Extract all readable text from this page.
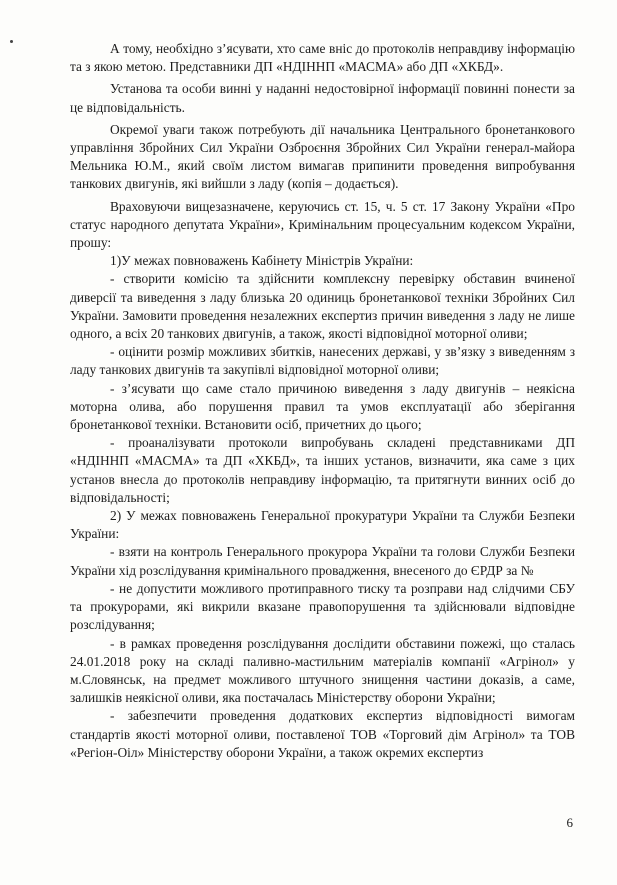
А тому, необхідно зʼясувати, хто саме вніс до протоколів неправдиву інформацію та з якою метою. Представники ДП «НДІННП «МАСМА» або ДП «ХКБД».

Установа та особи винні у наданні недостовірної інформації повинні понести за це відповідальність.

Окремої уваги також потребують дії начальника Центрального бронетанкового управління Збройних Сил України Озброєння Збройних Сил України генерал-майора Мельника Ю.М., який своїм листом вимагав припинити проведення випробування танкових двигунів, які вийшли з ладу (копія – додається).

Враховуючи вищезазначене, керуючись ст. 15, ч. 5 ст. 17 Закону України «Про статус народного депутата України», Кримінальним процесуальним кодексом України, прошу:

1)У межах повноважень Кабінету Міністрів України:

- створити комісію та здійснити комплексну перевірку обставин вчиненої диверсії та виведення з ладу близька 20 одиниць бронетанкової техніки Збройних Сил України. Замовити проведення незалежних експертиз причин виведення з ладу не лише одного, а всіх 20 танкових двигунів, а також, якості відповідної моторної оливи;

- оцінити розмір можливих збитків, нанесених державі, у звʼязку з виведенням з ладу танкових двигунів та закупівлі відповідної моторної оливи;

- зʼясувати що саме стало причиною виведення з ладу двигунів – неякісна моторна олива, або порушення правил та умов експлуатації або зберігання бронетанкової техніки. Встановити осіб, причетних до цього;

- проаналізувати протоколи випробувань складені представниками ДП «НДІННП «МАСМА» та ДП «ХКБД», та інших установ, визначити, яка саме з цих установ внесла до протоколів неправдиву інформацію, та притягнути винних осіб до відповідальності;

2) У межах повноважень Генеральної прокуратури України та Служби Безпеки України:

- взяти на контроль Генерального прокурора України та голови Служби Безпеки України хід розслідування кримінального провадження, внесеного до ЄРДР за №

- не допустити можливого протиправного тиску та розправи над слідчими СБУ та прокурорами, які викрили вказане правопорушення та здійснювали відповідне розслідування;

- в рамках проведення розслідування дослідити обставини пожежі, що сталась 24.01.2018 року на складі паливно-мастильним матеріалів компанії «Агрінол» у м.Словянськ, на предмет можливого штучного знищення частини доказів, а саме, залишків неякісної оливи, яка постачалась Міністерству оборони України;

- забезпечити проведення додаткових експертиз відповідності вимогам стандартів якості моторної оливи, поставленої ТОВ «Торговий дім Агрінол» та ТОВ «Регіон-Оіл» Міністерству оборони України, а також окремих експертиз

6
